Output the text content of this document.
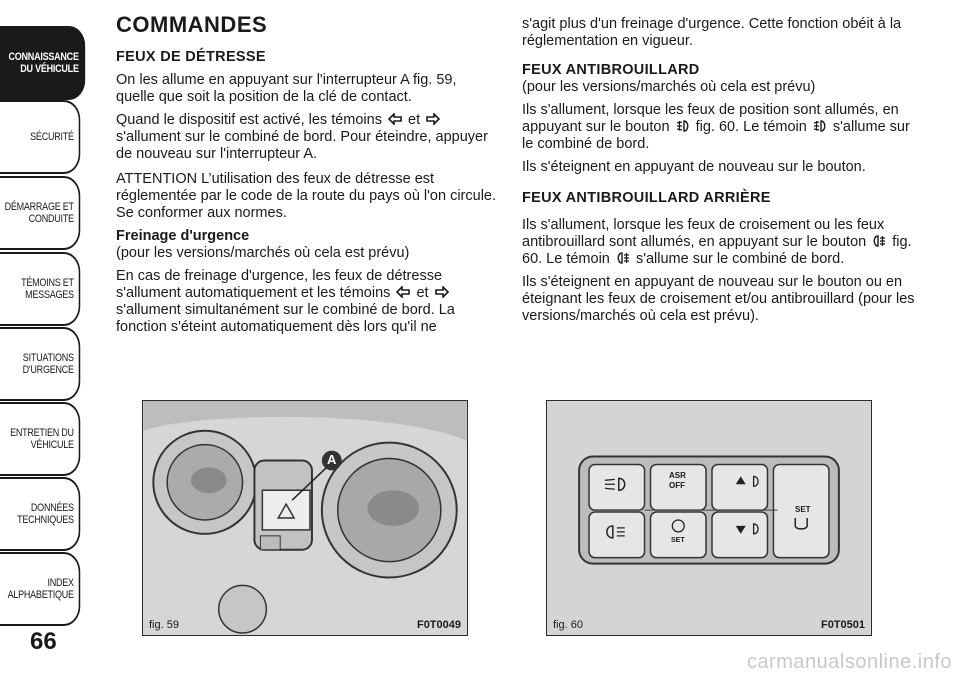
CONNAISSANCE
DU VÉHICULE
SÉCURITÉ
DÉMARRAGE ET
CONDUITE
TÉMOINS ET
MESSAGES
SITUATIONS
D'URGENCE
ENTRETIEN DU
VÉHICULE
DONNÉES
TECHNIQUES
INDEX
ALPHABETIQUE
66
COMMANDES
FEUX DE DÉTRESSE

On les allume en appuyant sur l'interrupteur A fig. 59, quelle que soit la position de la clé de contact.

Quand le dispositif est activé, les témoins et
s'allument sur le combiné de bord. Pour éteindre, appuyer de nouveau sur l'interrupteur A.

ATTENTION L’utilisation des feux de détresse est réglementée par le code de la route du pays où l'on circule. Se conformer aux normes.

Freinage d'urgence

(pour les versions/marchés où cela est prévu)

En cas de freinage d'urgence, les feux de détresse s'allument automatiquement et les témoins et
s'allument simultanément sur le combiné de bord. La fonction s'éteint automatiquement dès lors qu'il ne

s'agit plus d'un freinage d'urgence. Cette fonction obéit à la réglementation en vigueur.

FEUX ANTIBROUILLARD

(pour les versions/marchés où cela est prévu)

Ils s'allument, lorsque les feux de position sont allumés, en appuyant sur le bouton fig. 60. Le témoin s'allume sur le combiné de bord.

Ils s'éteignent en appuyant de nouveau sur le bouton.

FEUX ANTIBROUILLARD ARRIÈRE

Ils s'allument, lorsque les feux de croisement ou les feux antibrouillard sont allumés, en appuyant sur le bouton fig. 60. Le témoin s'allume sur le combiné de bord.

Ils s'éteignent en appuyant de nouveau sur le bouton ou en éteignant les feux de croisement et/ou antibrouillard (pour les versions/marchés où cela est prévu).

A
fig. 59	F0T0049
ASR
OFF
SET
SET
fig. 60	F0T0501
carmanualsonline.info
